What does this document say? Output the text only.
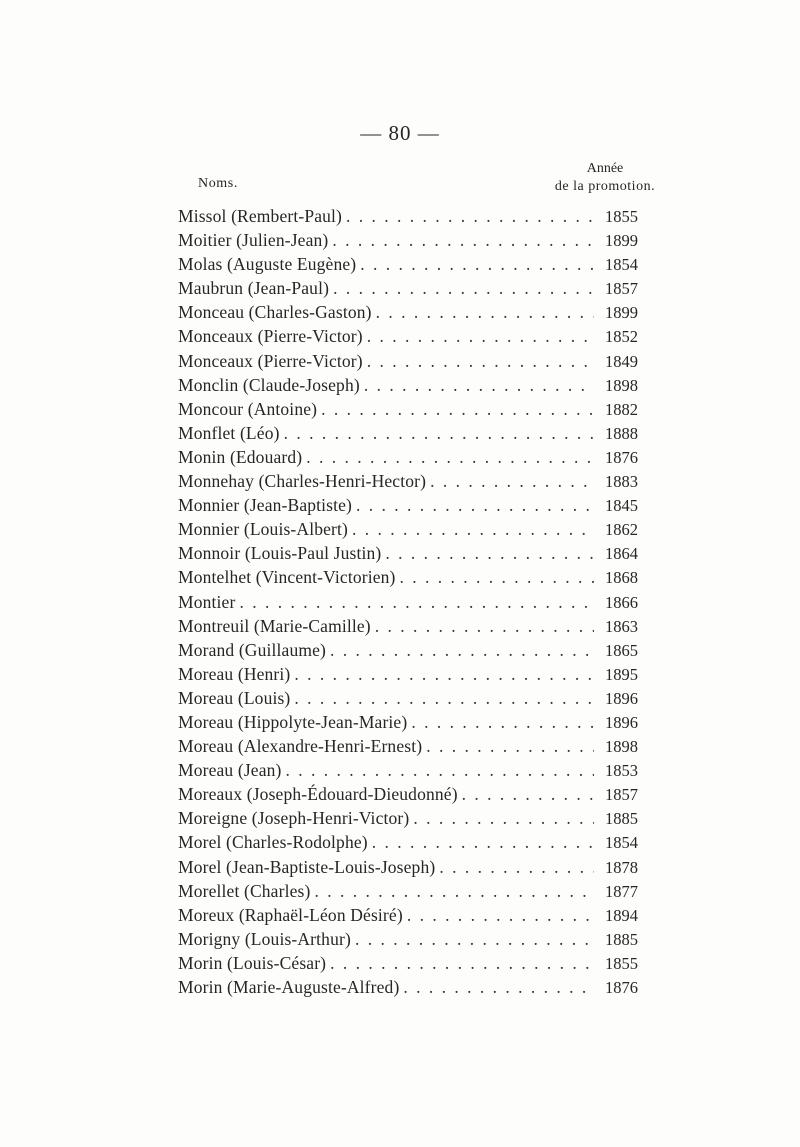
— 80 —
Noms.
Année
de la promotion.
Missol (Rembert-Paul) . . .	1855
Moitier (Julien-Jean) . . .	1899
Molas (Auguste Eugène) . . .	1854
Maubrun (Jean-Paul) . . .	1857
Monceau (Charles-Gaston) . . .	1899
Monceaux (Pierre-Victor) . . .	1852
Monceaux (Pierre-Victor) . . .	1849
Monclin (Claude-Joseph) . . .	1898
Moncour (Antoine) . . .	1882
Monflet (Léo) . . .	1888
Monin (Edouard) . . .	1876
Monnehay (Charles-Henri-Hector) . . .	1883
Monnier (Jean-Baptiste) . . .	1845
Monnier (Louis-Albert) . . .	1862
Monnoir (Louis-Paul Justin) . . .	1864
Montelhet (Vincent-Victorien) . . .	1868
Montier . . .	1866
Montreuil (Marie-Camille) . . .	1863
Morand (Guillaume) . . .	1865
Moreau (Henri) . . .	1895
Moreau (Louis) . . .	1896
Moreau (Hippolyte-Jean-Marie) . . .	1896
Moreau (Alexandre-Henri-Ernest) . . .	1898
Moreau (Jean) . . .	1853
Moreaux (Joseph-Édouard-Dieudonné) . . .	1857
Moreigne (Joseph-Henri-Victor) . . .	1885
Morel (Charles-Rodolphe) . . .	1854
Morel (Jean-Baptiste-Louis-Joseph) . . .	1878
Morellet (Charles) . . .	1877
Moreux (Raphaël-Léon Désiré) . . .	1894
Morigny (Louis-Arthur) . . .	1885
Morin (Louis-César) . . .	1855
Morin (Marie-Auguste-Alfred) . . .	1876
